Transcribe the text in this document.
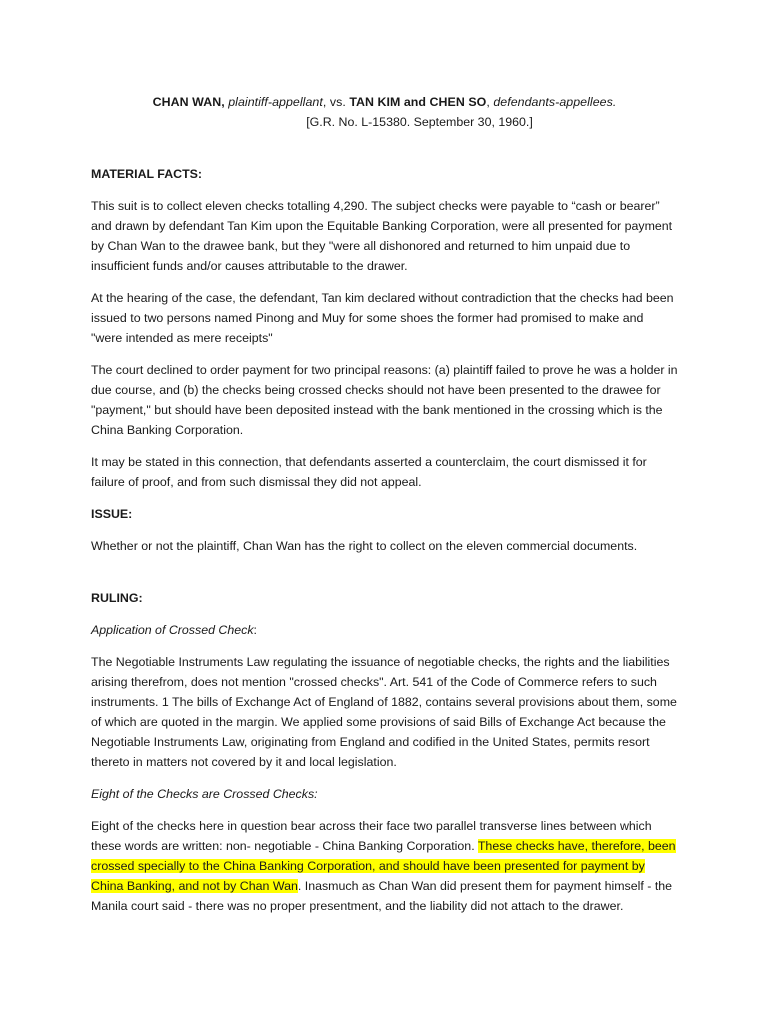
CHAN WAN, plaintiff-appellant, vs. TAN KIM and CHEN SO, defendants-appellees.

[G.R. No. L-15380. September 30, 1960.]

MATERIAL FACTS:

This suit is to collect eleven checks totalling 4,290. The subject checks were payable to “cash or bearer” and drawn by defendant Tan Kim upon the Equitable Banking Corporation, were all presented for payment by Chan Wan to the drawee bank, but they "were all dishonored and returned to him unpaid due to insufficient funds and/or causes attributable to the drawer.

At the hearing of the case, the defendant, Tan kim declared without contradiction that the checks had been issued to two persons named Pinong and Muy for some shoes the former had promised to make and "were intended as mere receipts"

The court declined to order payment for two principal reasons: (a) plaintiff failed to prove he was a holder in due course, and (b) the checks being crossed checks should not have been presented to the drawee for "payment," but should have been deposited instead with the bank mentioned in the crossing which is the China Banking Corporation.

It may be stated in this connection, that defendants asserted a counterclaim, the court dismissed it for failure of proof, and from such dismissal they did not appeal.

ISSUE:

Whether or not the plaintiff, Chan Wan has the right to collect on the eleven commercial documents.

RULING:

Application of Crossed Check:

The Negotiable Instruments Law regulating the issuance of negotiable checks, the rights and the liabilities arising therefrom, does not mention "crossed checks". Art. 541 of the Code of Commerce refers to such instruments. 1 The bills of Exchange Act of England of 1882, contains several provisions about them, some of which are quoted in the margin. We applied some provisions of said Bills of Exchange Act because the Negotiable Instruments Law, originating from England and codified in the United States, permits resort thereto in matters not covered by it and local legislation.

Eight of the Checks are Crossed Checks:

Eight of the checks here in question bear across their face two parallel transverse lines between which these words are written: non- negotiable - China Banking Corporation. These checks have, therefore, been crossed specially to the China Banking Corporation, and should have been presented for payment by China Banking, and not by Chan Wan. Inasmuch as Chan Wan did present them for payment himself - the Manila court said - there was no proper presentment, and the liability did not attach to the drawer.
